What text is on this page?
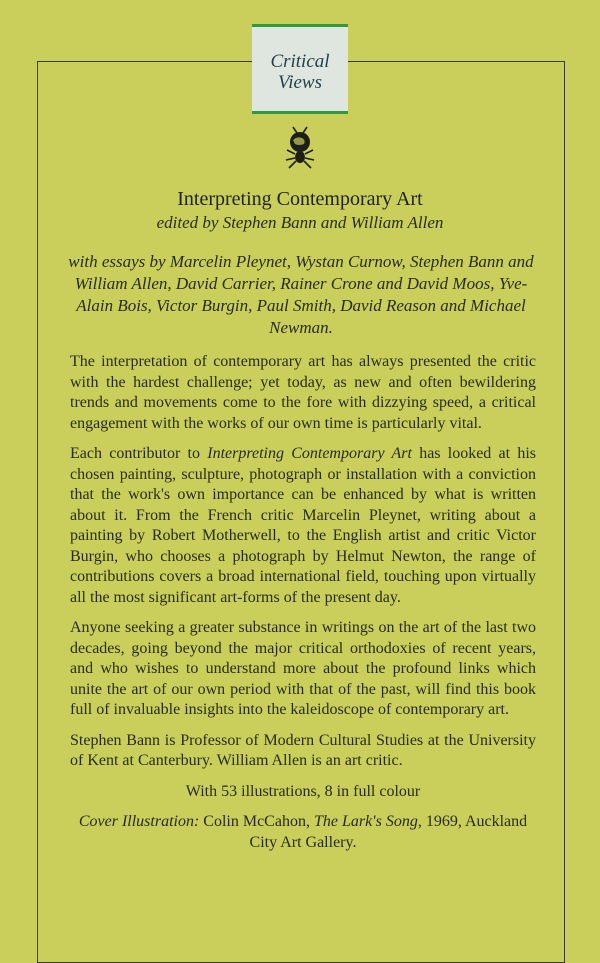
Critical
Views
Interpreting Contemporary Art
edited by Stephen Bann and William Allen
with essays by Marcelin Pleynet, Wystan Curnow, Stephen Bann and William Allen, David Carrier, Rainer Crone and David Moos, Yve-Alain Bois, Victor Burgin, Paul Smith, David Reason and Michael Newman.

The interpretation of contemporary art has always presented the critic with the hardest challenge; yet today, as new and often bewildering trends and movements come to the fore with dizzying speed, a critical engagement with the works of our own time is particularly vital.

Each contributor to Interpreting Contemporary Art has looked at his chosen painting, sculpture, photograph or installation with a conviction that the work's own importance can be enhanced by what is written about it. From the French critic Marcelin Pleynet, writing about a painting by Robert Motherwell, to the English artist and critic Victor Burgin, who chooses a photograph by Helmut Newton, the range of contributions covers a broad international field, touching upon virtually all the most significant art-forms of the present day.

Anyone seeking a greater substance in writings on the art of the last two decades, going beyond the major critical orthodoxies of recent years, and who wishes to understand more about the profound links which unite the art of our own period with that of the past, will find this book full of invaluable insights into the kaleidoscope of contemporary art.

Stephen Bann is Professor of Modern Cultural Studies at the University of Kent at Canterbury. William Allen is an art critic.

With 53 illustrations, 8 in full colour

Cover Illustration: Colin McCahon, The Lark's Song, 1969, Auckland City Art Gallery.
